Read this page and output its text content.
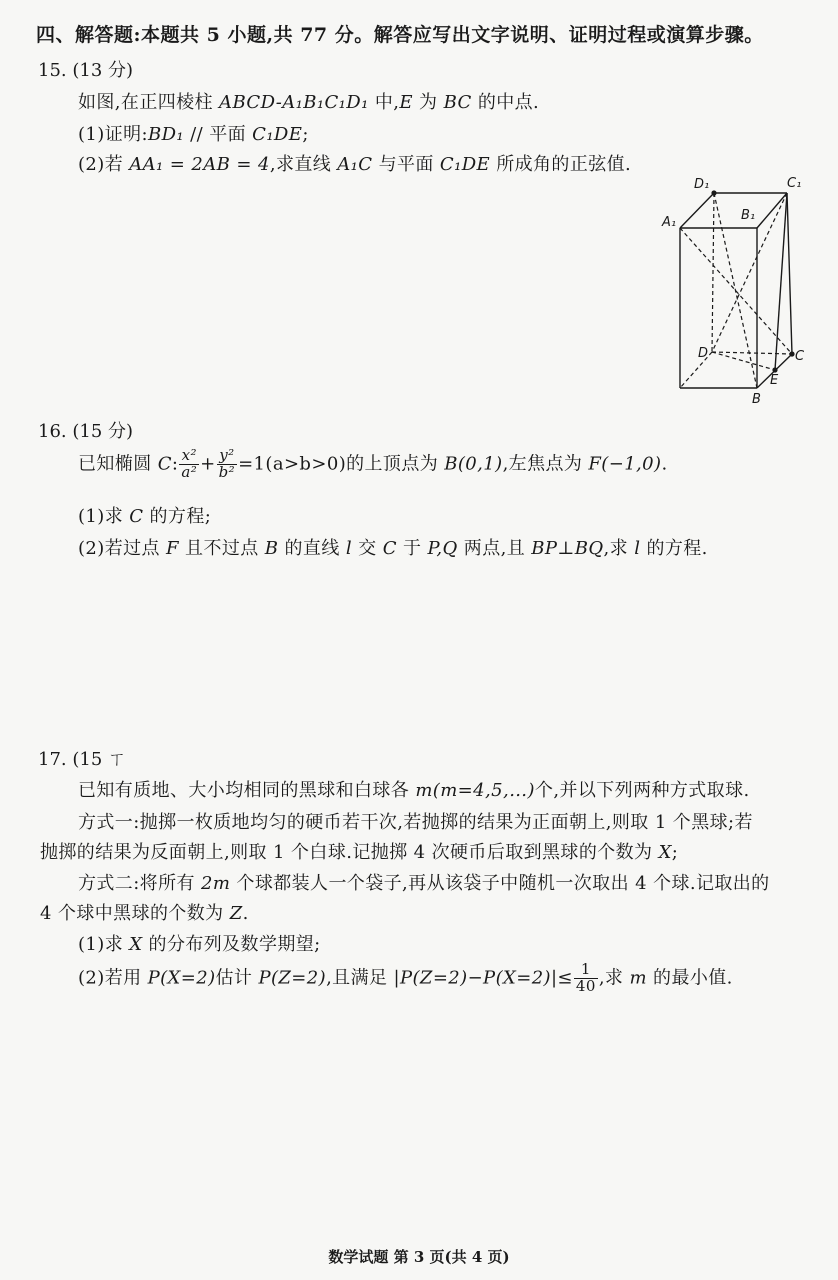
四、解答题:本题共 5 小题,共 77 分。解答应写出文字说明、证明过程或演算步骤。
15. (13 分)
如图,在正四棱柱 ABCD-A₁B₁C₁D₁ 中,E 为 BC 的中点.
(1)证明:BD₁ // 平面 C₁DE;
(2)若 AA₁ = 2AB = 4,求直线 A₁C 与平面 C₁DE 所成角的正弦值.
D₁	C₁
A₁	B₁
D	C
E
B
16. (15 分)
已知椭圆 C: $\frac{\text{x²}}{\text{a²}} + \frac{\text{y²}}{\text{b²}} =1(a>b>0)$的上顶点为 B(0,1),左焦点为 F(−1,0).
(1)求 C 的方程;
(2)若过点 F 且不过点 B 的直线 l 交 C 于 P,Q 两点,且 BP⊥BQ,求 l 的方程.
17. (15 ㄒ
已知有质地、大小均相同的黑球和白球各 m(m=4,5,…)个,并以下列两种方式取球.
方式一:抛掷一枚质地均匀的硬币若干次,若抛掷的结果为正面朝上,则取 1 个黑球;若
抛掷的结果为反面朝上,则取 1 个白球.记抛掷 4 次硬币后取到黑球的个数为 X;
方式二:将所有 2m 个球都装人一个袋子,再从该袋子中随机一次取出 4 个球.记取出的
4 个球中黑球的个数为 Z.
(1)求 X 的分布列及数学期望;
(2)若用 P(X=2)估计 P(Z=2),且满足 $|P(Z=2)-P(X=2)|\le \frac{1}{40}$ ,求 m 的最小值.
数学试题 第 3 页(共 4 页)
